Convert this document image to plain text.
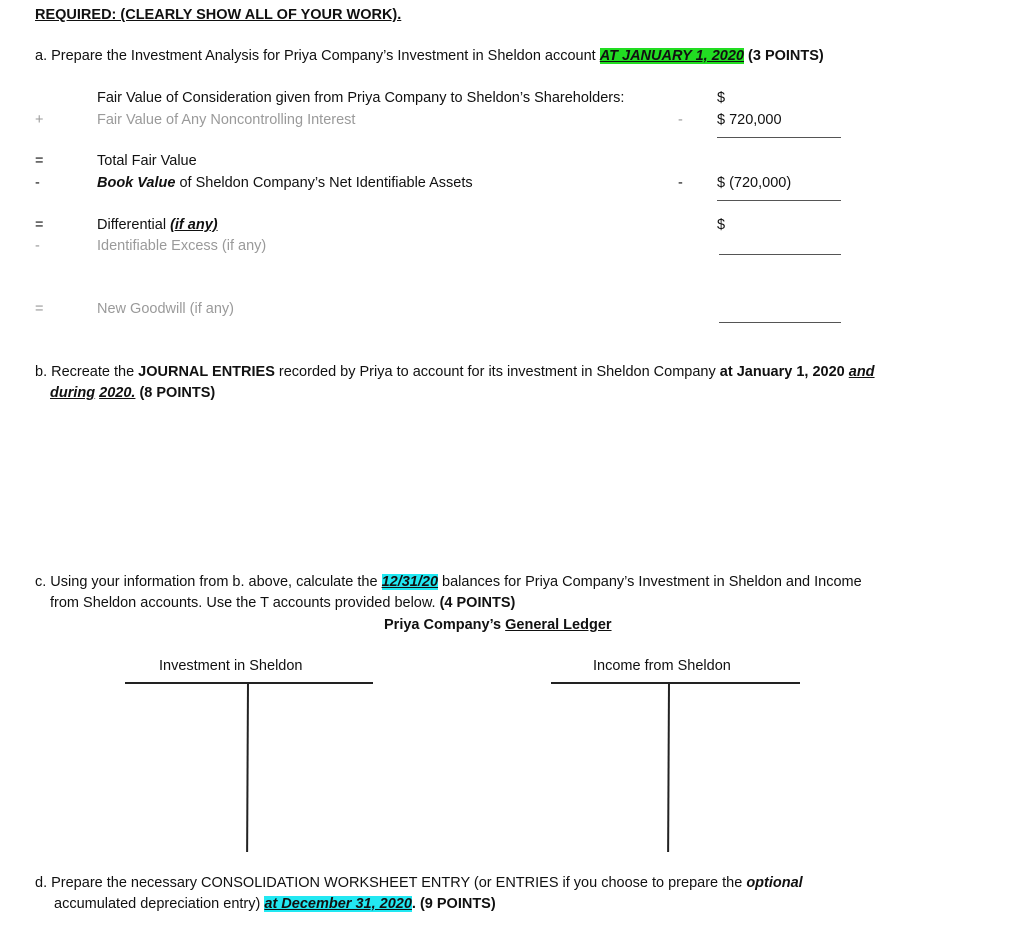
REQUIRED: (CLEARLY SHOW ALL OF YOUR WORK).
a. Prepare the Investment Analysis for Priya Company’s Investment in Sheldon account AT JANUARY 1, 2020 (3 POINTS)
Fair Value of Consideration given from Priya Company to Sheldon’s Shareholders:	$
+	Fair Value of Any Noncontrolling Interest	- $ 720,000
=	Total Fair Value
-	Book Value of Sheldon Company’s Net Identifiable Assets	- $ (720,000)
=	Differential (if any)	$
-	Identifiable Excess (if any)
=	New Goodwill (if any)
b. Recreate the JOURNAL ENTRIES recorded by Priya to account for its investment in Sheldon Company at January 1, 2020 and
during 2020. (8 POINTS)
c. Using your information from b. above, calculate the 12/31/20 balances for Priya Company’s Investment in Sheldon and Income
from Sheldon accounts. Use the T accounts provided below. (4 POINTS)
Priya Company’s General Ledger
Investment in Sheldon	Income from Sheldon
d. Prepare the necessary CONSOLIDATION WORKSHEET ENTRY (or ENTRIES if you choose to prepare the optional
accumulated depreciation entry) at December 31, 2020. (9 POINTS)
